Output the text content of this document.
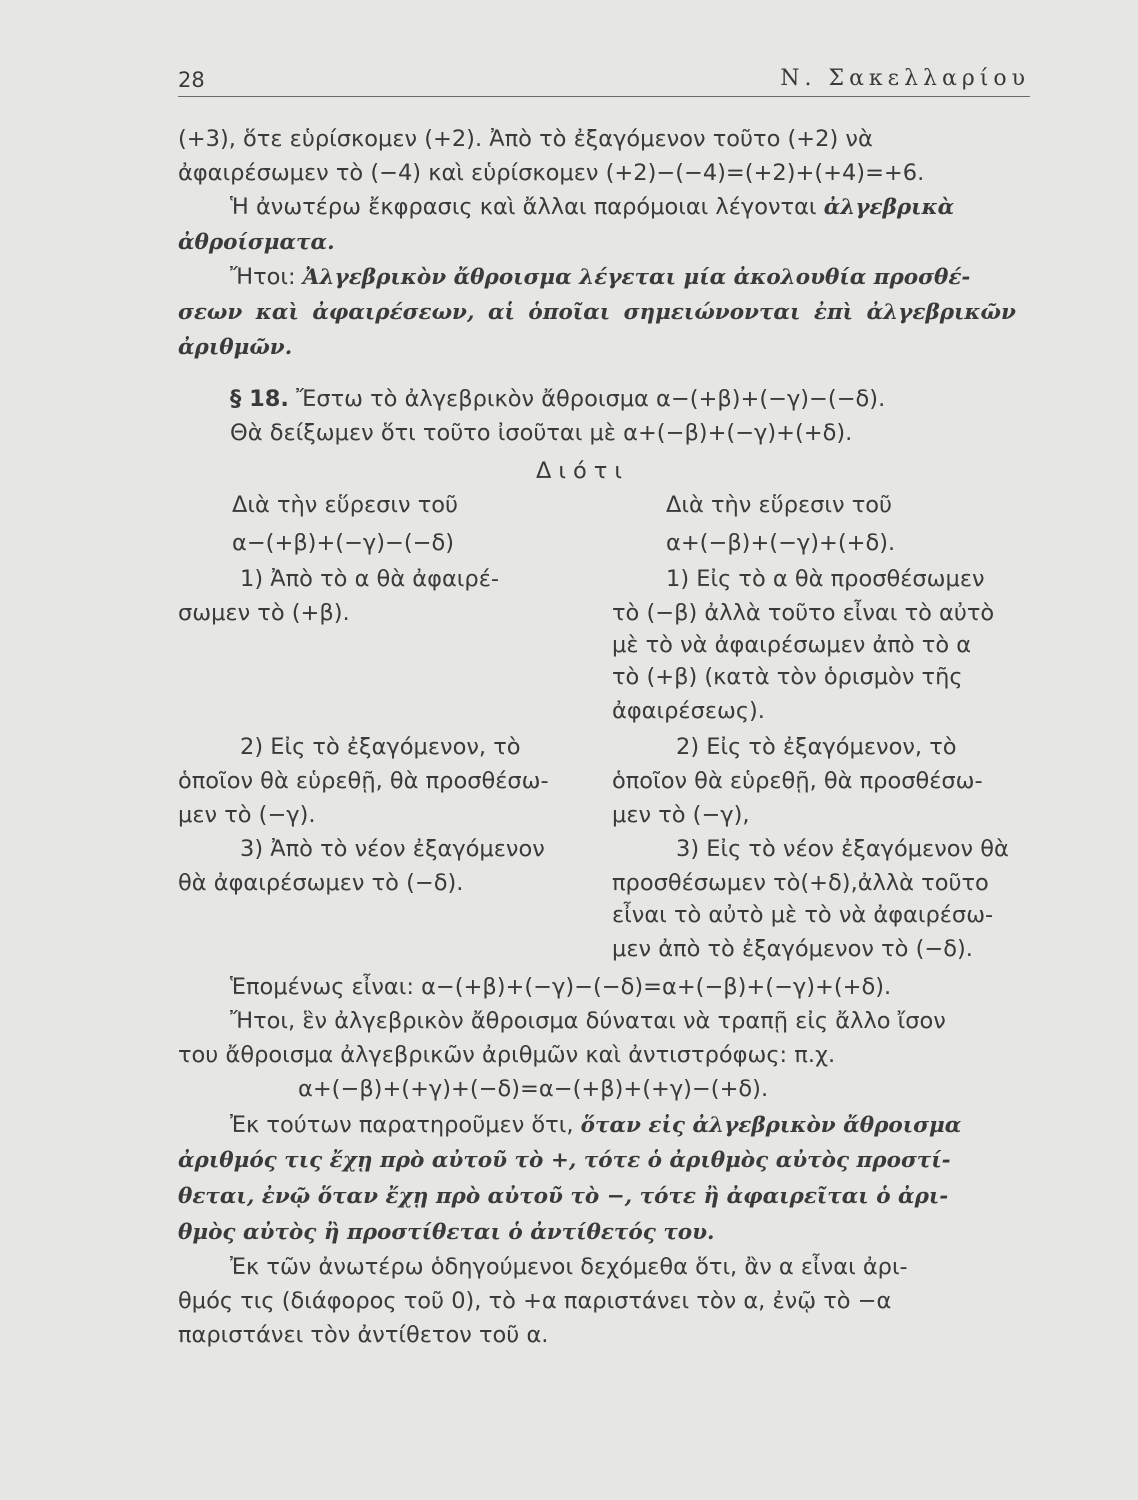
28	Ν. Σακελλαρίου
(+3), ὅτε εὑρίσκομεν (+2). Ἀπὸ τὸ ἐξαγόμενον τοῦτο (+2) νὰ
ἀφαιρέσωμεν τὸ (−4) καὶ εὑρίσκομεν (+2)−(−4)=(+2)+(+4)=+6.
Ἡ ἀνωτέρω ἔκφρασις καὶ ἄλλαι παρόμοιαι λέγονται ἀλγεβρικὰ
ἀθροίσματα.
Ἤτοι: Ἀλγεβρικὸν ἄθροισμα λέγεται μία ἀκολουθία προσθέ-
σεων καὶ ἀφαιρέσεων, αἱ ὁποῖαι σημειώνονται ἐπὶ ἀλγεβρικῶν
ἀριθμῶν.
§ 18. Ἔστω τὸ ἀλγεβρικὸν ἄθροισμα α−(+β)+(−γ)−(−δ).
Θὰ δείξωμεν ὅτι τοῦτο ἰσοῦται μὲ α+(−β)+(−γ)+(+δ).
Διότι
Διὰ τὴν εὕρεσιν τοῦ
α−(+β)+(−γ)−(−δ)
1) Ἀπὸ τὸ α θὰ ἀφαιρέ-
σωμεν τὸ (+β).
2) Εἰς τὸ ἐξαγόμενον, τὸ
ὁποῖον θὰ εὑρεθῇ, θὰ προσθέσω-
μεν τὸ (−γ).
3) Ἀπὸ τὸ νέον ἐξαγόμενον
θὰ ἀφαιρέσωμεν τὸ (−δ).
Διὰ τὴν εὕρεσιν τοῦ
α+(−β)+(−γ)+(+δ).
1) Εἰς τὸ α θὰ προσθέσωμεν
τὸ (−β) ἀλλὰ τοῦτο εἶναι τὸ αὐτὸ
μὲ τὸ νὰ ἀφαιρέσωμεν ἀπὸ τὸ α
τὸ (+β) (κατὰ τὸν ὁρισμὸν τῆς
ἀφαιρέσεως).
2) Εἰς τὸ ἐξαγόμενον, τὸ
ὁποῖον θὰ εὑρεθῇ, θὰ προσθέσω-
μεν τὸ (−γ),
3) Εἰς τὸ νέον ἐξαγόμενον θὰ
προσθέσωμεν τὸ(+δ),ἀλλὰ τοῦτο
εἶναι τὸ αὐτὸ μὲ τὸ νὰ ἀφαιρέσω-
μεν ἀπὸ τὸ ἐξαγόμενον τὸ (−δ).
Ἑπομένως εἶναι: α−(+β)+(−γ)−(−δ)=α+(−β)+(−γ)+(+δ).
Ἤτοι, ἓν ἀλγεβρικὸν ἄθροισμα δύναται νὰ τραπῇ εἰς ἄλλο ἴσον
του ἄθροισμα ἀλγεβρικῶν ἀριθμῶν καὶ ἀντιστρόφως: π.χ.
α+(−β)+(+γ)+(−δ)=α−(+β)+(+γ)−(+δ).
Ἐκ τούτων παρατηροῦμεν ὅτι, ὅταν εἰς ἀλγεβρικὸν ἄθροισμα
ἀριθμός τις ἔχῃ πρὸ αὐτοῦ τὸ +, τότε ὁ ἀριθμὸς αὐτὸς προστί-
θεται, ἐνῷ ὅταν ἔχῃ πρὸ αὐτοῦ τὸ −, τότε ἢ ἀφαιρεῖται ὁ ἀρι-
θμὸς αὐτὸς ἢ προστίθεται ὁ ἀντίθετός του.
Ἐκ τῶν ἀνωτέρω ὁδηγούμενοι δεχόμεθα ὅτι, ἂν α εἶναι ἀρι-
θμός τις (διάφορος τοῦ 0), τὸ +α παριστάνει τὸν α, ἐνῷ τὸ −α
παριστάνει τὸν ἀντίθετον τοῦ α.
